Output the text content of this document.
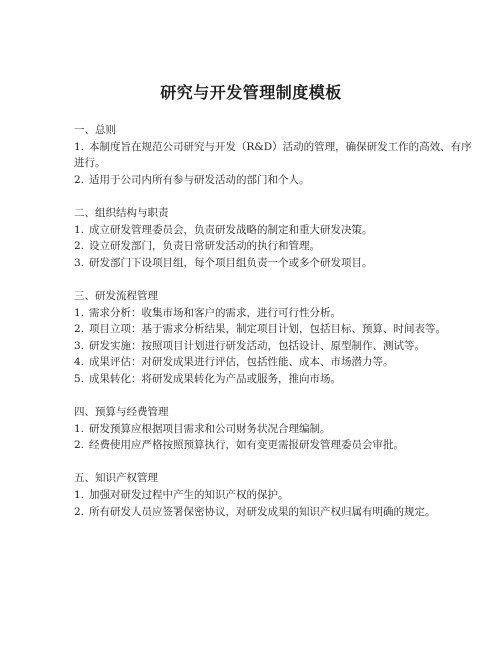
研究与开发管理制度模板
一、总则
1. 本制度旨在规范公司研究与开发（R&D）活动的管理，确保研发工作的高效、有序进行。
2. 适用于公司内所有参与研发活动的部门和个人。
二、组织结构与职责
1. 成立研发管理委员会，负责研发战略的制定和重大研发决策。
2. 设立研发部门，负责日常研发活动的执行和管理。
3. 研发部门下设项目组，每个项目组负责一个或多个研发项目。
三、研发流程管理
1. 需求分析：收集市场和客户的需求，进行可行性分析。
2. 项目立项：基于需求分析结果，制定项目计划，包括目标、预算、时间表等。
3. 研发实施：按照项目计划进行研发活动，包括设计、原型制作、测试等。
4. 成果评估：对研发成果进行评估，包括性能、成本、市场潜力等。
5. 成果转化：将研发成果转化为产品或服务，推向市场。
四、预算与经费管理
1. 研发预算应根据项目需求和公司财务状况合理编制。
2. 经费使用应严格按照预算执行，如有变更需报研发管理委员会审批。
五、知识产权管理
1. 加强对研发过程中产生的知识产权的保护。
2. 所有研发人员应签署保密协议，对研发成果的知识产权归属有明确的规定。
